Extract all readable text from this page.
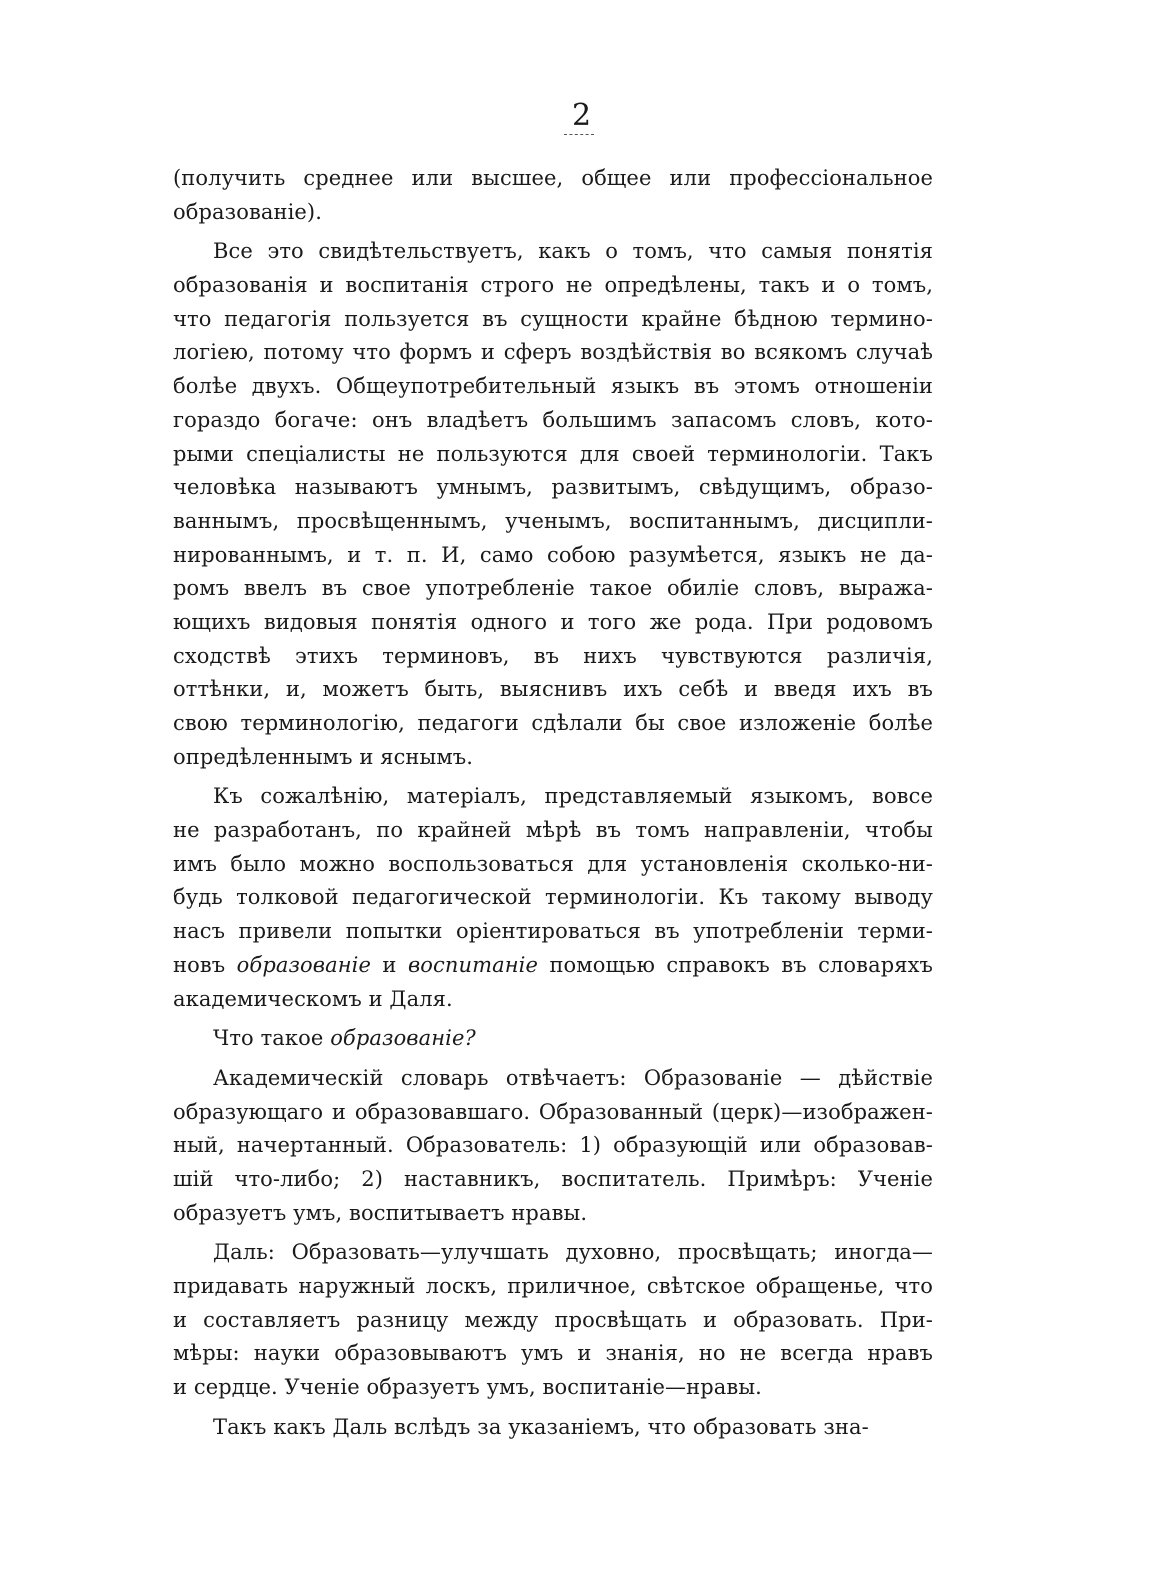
2
(получить среднее или высшее, общее или профессіональное
образованіе).
Все это свидѣтельствуетъ, какъ о томъ, что самыя понятія
образованія и воспитанія строго не опредѣлены, такъ и о томъ,
что педагогія пользуется въ сущности крайне бѣдною термино-
логіею, потому что формъ и сферъ воздѣйствія во всякомъ случаѣ
болѣе двухъ. Общеупотребительный языкъ въ этомъ отношеніи
гораздо богаче: онъ владѣетъ большимъ запасомъ словъ, кото-
рыми спеціалисты не пользуются для своей терминологіи. Такъ
человѣка называютъ умнымъ, развитымъ, свѣдущимъ, образо-
ваннымъ, просвѣщеннымъ, ученымъ, воспитаннымъ, дисципли-
нированнымъ, и т. п. И, само собою разумѣется, языкъ не да-
ромъ ввелъ въ свое употребленіе такое обиліе словъ, выража-
ющихъ видовыя понятія одного и того же рода. При родовомъ
сходствѣ этихъ терминовъ, въ нихъ чувствуются различія,
оттѣнки, и, можетъ быть, выяснивъ ихъ себѣ и введя ихъ въ
свою терминологію, педагоги сдѣлали бы свое изложеніе болѣе
опредѣленнымъ и яснымъ.
Къ сожалѣнію, матеріалъ, представляемый языкомъ, вовсе
не разработанъ, по крайней мѣрѣ въ томъ направленіи, чтобы
имъ было можно воспользоваться для установленія сколько-ни-
будь толковой педагогической терминологіи. Къ такому выводу
насъ привели попытки оріентироваться въ употребленіи терми-
новъ образованіе и воспитаніе помощью справокъ въ словаряхъ
академическомъ и Даля.
Что такое образованіе?
Академическій словарь отвѣчаетъ: Образованіе — дѣйствіе
образующаго и образовавшаго. Образованный (церк)—изображен-
ный, начертанный. Образователь: 1) образующій или образовав-
шій что-либо; 2) наставникъ, воспитатель. Примѣръ: Ученіе
образуетъ умъ, воспитываетъ нравы.
Даль: Образовать—улучшать духовно, просвѣщать; иногда—
придавать наружный лоскъ, приличное, свѣтское обращенье, что
и составляетъ разницу между просвѣщать и образовать. При-
мѣры: науки образовываютъ умъ и знанія, но не всегда нравъ
и сердце. Ученіе образуетъ умъ, воспитаніе—нравы.
Такъ какъ Даль вслѣдъ за указаніемъ, что образовать зна-
